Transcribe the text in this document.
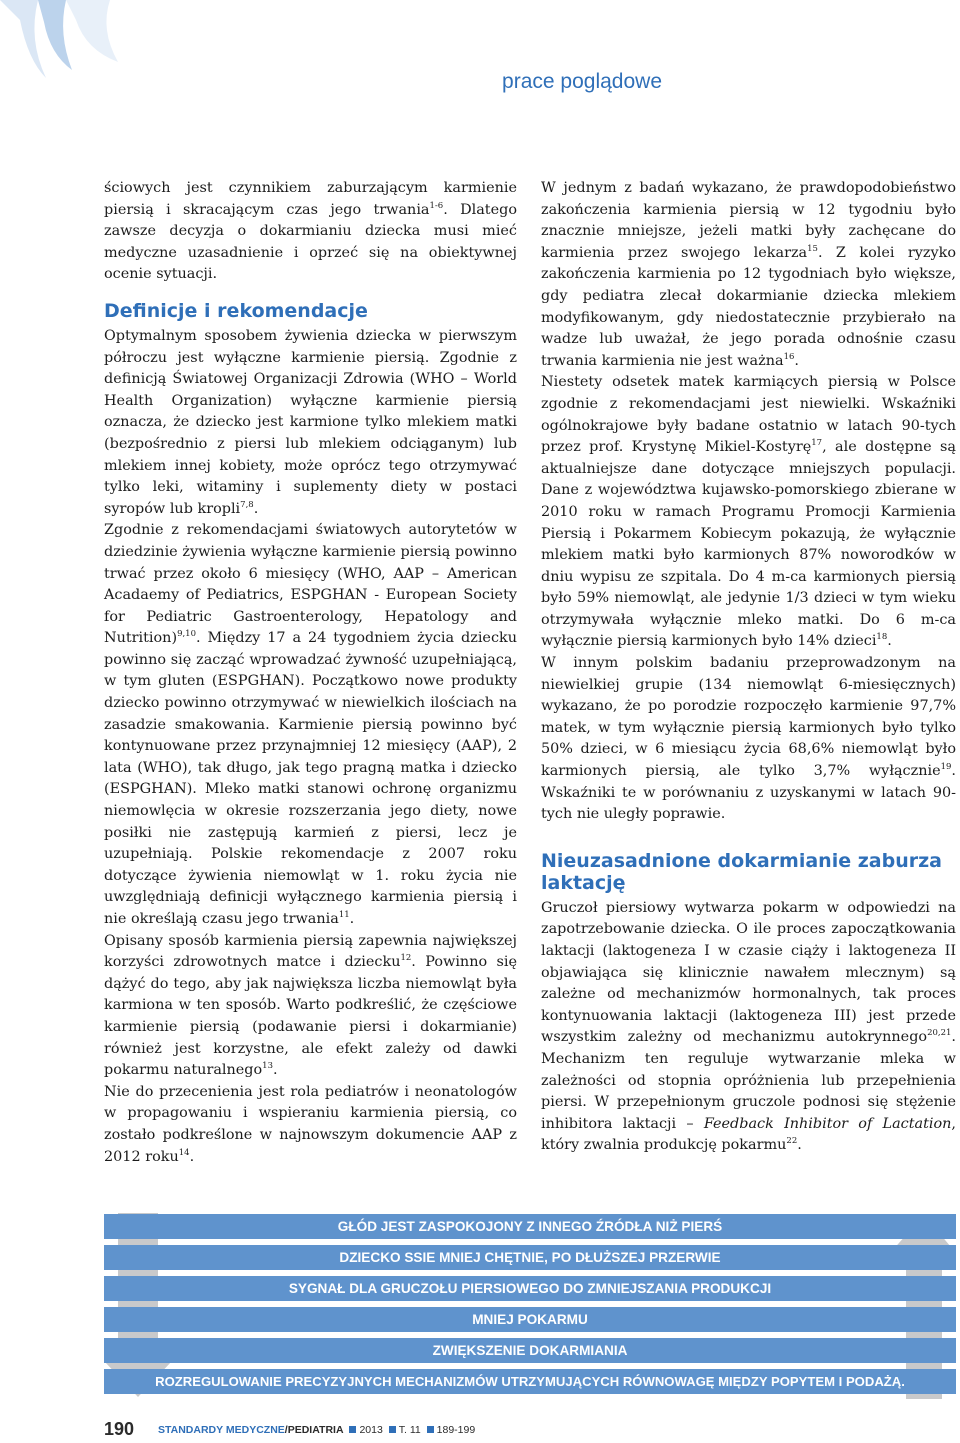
prace poglądowe

ściowych jest czynnikiem zaburzającym karmienie piersią i skracającym czas jego trwania$^{1-6}$. Dlatego zawsze decyzja o dokarmianiu dziecka musi mieć medyczne uzasadnienie i oprzeć się na obiektywnej ocenie sytuacji.

Definicje i rekomendacje

Optymalnym sposobem żywienia dziecka w pierwszym półroczu jest wyłączne karmienie piersią. Zgodnie z definicją Światowej Organizacji Zdrowia (WHO – World Health Organization) wyłączne karmienie piersią oznacza, że dziecko jest karmione tylko mlekiem matki (bezpośrednio z piersi lub mlekiem odciąganym) lub mlekiem innej kobiety, może oprócz tego otrzymywać tylko leki, witaminy i suplementy diety w postaci syropów lub kropli$^{7,8}$.

Zgodnie z rekomendacjami światowych autorytetów w dziedzinie żywienia wyłączne karmienie piersią powinno trwać przez około 6 miesięcy (WHO, AAP – American Acadaemy of Pediatrics, ESPGHAN - European Society for Pediatric Gastroenterology, Hepatology and Nutrition)$^{9,10}$. Między 17 a 24 tygodniem życia dziecku powinno się zacząć wprowadzać żywność uzupełniającą, w tym gluten (ESPGHAN). Początkowo nowe produkty dziecko powinno otrzymywać w niewielkich ilościach na zasadzie smakowania. Karmienie piersią powinno być kontynuowane przez przynajmniej 12 miesięcy (AAP), 2 lata (WHO), tak długo, jak tego pragną matka i dziecko (ESPGHAN). Mleko matki stanowi ochronę organizmu niemowlęcia w okresie rozszerzania jego diety, nowe posiłki nie zastępują karmień z piersi, lecz je uzupełniają. Polskie rekomendacje z 2007 roku dotyczące żywienia niemowląt w 1. roku życia nie uwzględniają definicji wyłącznego karmienia piersią i nie określają czasu jego trwania$^{11}$.

Opisany sposób karmienia piersią zapewnia największej korzyści zdrowotnych matce i dziecku$^{12}$. Powinno się dążyć do tego, aby jak największa liczba niemowląt była karmiona w ten sposób. Warto podkreślić, że częściowe karmienie piersią (podawanie piersi i dokarmianie) również jest korzystne, ale efekt zależy od dawki pokarmu naturalnego$^{13}$.

Nie do przecenienia jest rola pediatrów i neonatologów w propagowaniu i wspieraniu karmienia piersią, co zostało podkreślone w najnowszym dokumencie AAP z 2012 roku$^{14}$.

W jednym z badań wykazano, że prawdopodobieństwo zakończenia karmienia piersią w 12 tygodniu było znacznie mniejsze, jeżeli matki były zachęcane do karmienia przez swojego lekarza$^{15}$. Z kolei ryzyko zakończenia karmienia po 12 tygodniach było większe, gdy pediatra zlecał dokarmianie dziecka mlekiem modyfikowanym, gdy niedostatecznie przybierało na wadze lub uważał, że jego porada odnośnie czasu trwania karmienia nie jest ważna$^{16}$.

Niestety odsetek matek karmiących piersią w Polsce zgodnie z rekomendacjami jest niewielki. Wskaźniki ogólnokrajowe były badane ostatnio w latach 90-tych przez prof. Krystynę Mikiel-Kostyrę$^{17}$, ale dostępne są aktualniejsze dane dotyczące mniejszych populacji. Dane z województwa kujawsko-pomorskiego zbierane w 2010 roku w ramach Programu Promocji Karmienia Piersią i Pokarmem Kobiecym pokazują, że wyłącznie mlekiem matki było karmionych 87% noworodków w dniu wypisu ze szpitala. Do 4 m-ca karmionych piersią było 59% niemowląt, ale jedynie 1/3 dzieci w tym wieku otrzymywała wyłącznie mleko matki. Do 6 m-ca wyłącznie piersią karmionych było 14% dzieci$^{18}$.

W innym polskim badaniu przeprowadzonym na niewielkiej grupie (134 niemowląt 6-miesięcznych) wykazano, że po porodzie rozpoczęło karmienie 97,7% matek, w tym wyłącznie piersią karmionych było tylko 50% dzieci, w 6 miesiącu życia 68,6% niemowląt było karmionych piersią, ale tylko 3,7% wyłącznie$^{19}$. Wskaźniki te w porównaniu z uzyskanymi w latach 90-tych nie uległy poprawie.

Nieuzasadnione dokarmianie zaburza laktację

Gruczoł piersiowy wytwarza pokarm w odpowiedzi na zapotrzebowanie dziecka. O ile proces zapoczątkowania laktacji (laktogeneza I w czasie ciąży i laktogeneza II objawiająca się klinicznie nawałem mlecznym) są zależne od mechanizmów hormonalnych, tak proces kontynuowania laktacji (laktogeneza III) jest przede wszystkim zależny od mechanizmu autokrynnego$^{20,21}$. Mechanizm ten reguluje wytwarzanie mleka w zależności od stopnia opróżnienia lub przepełnienia piersi. W przepełnionym gruczole podnosi się stężenie inhibitora laktacji – Feedback Inhibitor of Lactation, który zwalnia produkcję pokarmu$^{22}$.

GŁÓD JEST ZASPOKOJONY Z INNEGO ŹRÓDŁA NIŻ PIERŚ
DZIECKO SSIE MNIEJ CHĘTNIE, PO DŁUŻSZEJ PRZERWIE
SYGNAŁ DLA GRUCZOŁU PIERSIOWEGO DO ZMNIEJSZANIA PRODUKCJI
MNIEJ POKARMU
ZWIĘKSZENIE DOKARMIANIA
ROZREGULOWANIE PRECYZYJNYCH MECHANIZMÓW UTRZYMUJĄCYCH RÓWNOWAGĘ MIĘDZY POPYTEM I PODAŻĄ.
190 STANDARDY MEDYCZNE/PEDIATRIA 2013 T. 11 189-199
